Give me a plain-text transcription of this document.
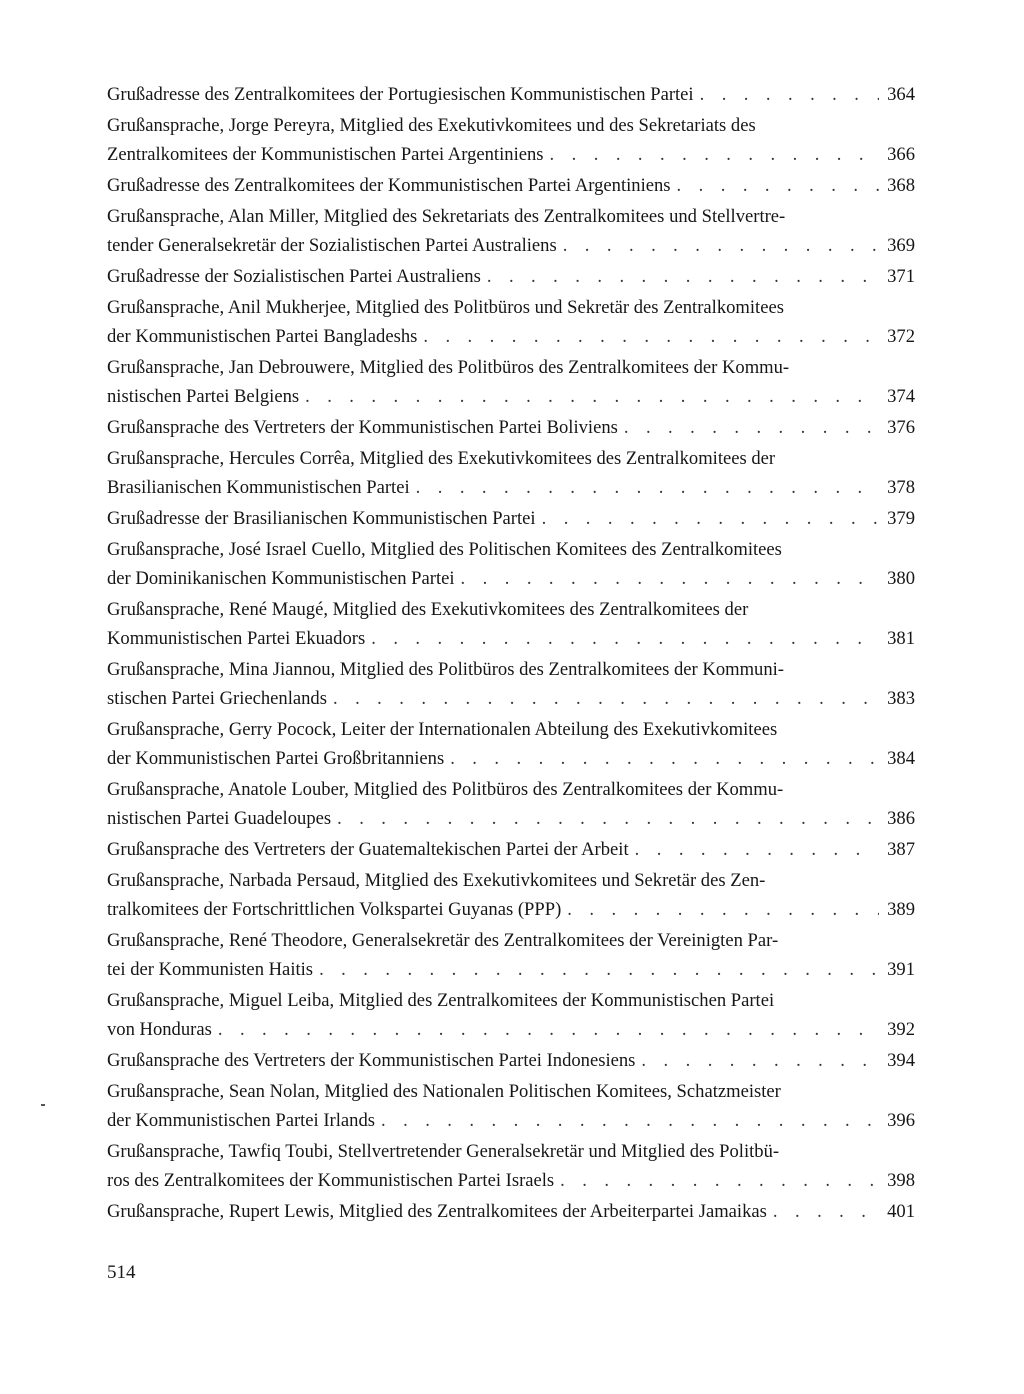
Grußadresse des Zentralkomitees der Portugiesischen Kommunistischen Partei . . .	364
Grußansprache, Jorge Pereyra, Mitglied des Exekutivkomitees und des Sekretariats des
Zentralkomitees der Kommunistischen Partei Argentiniens . . .	366
Grußadresse des Zentralkomitees der Kommunistischen Partei Argentiniens . . .	368
Grußansprache, Alan Miller, Mitglied des Sekretariats des Zentralkomitees und Stellvertre-
tender Generalsekretär der Sozialistischen Partei Australiens . . .	369
Grußadresse der Sozialistischen Partei Australiens . . .	371
Grußansprache, Anil Mukherjee, Mitglied des Politbüros und Sekretär des Zentralkomitees
der Kommunistischen Partei Bangladeshs . . .	372
Grußansprache, Jan Debrouwere, Mitglied des Politbüros des Zentralkomitees der Kommu-
nistischen Partei Belgiens . . .	374
Grußansprache des Vertreters der Kommunistischen Partei Boliviens . . .	376
Grußansprache, Hercules Corrêa, Mitglied des Exekutivkomitees des Zentralkomitees der
Brasilianischen Kommunistischen Partei . . .	378
Grußadresse der Brasilianischen Kommunistischen Partei . . .	379
Grußansprache, José Israel Cuello, Mitglied des Politischen Komitees des Zentralkomitees
der Dominikanischen Kommunistischen Partei . . .	380
Grußansprache, René Maugé, Mitglied des Exekutivkomitees des Zentralkomitees der
Kommunistischen Partei Ekuadors . . .	381
Grußansprache, Mina Jiannou, Mitglied des Politbüros des Zentralkomitees der Kommuni-
stischen Partei Griechenlands . . .	383
Grußansprache, Gerry Pocock, Leiter der Internationalen Abteilung des Exekutivkomitees
der Kommunistischen Partei Großbritanniens . . .	384
Grußansprache, Anatole Louber, Mitglied des Politbüros des Zentralkomitees der Kommu-
nistischen Partei Guadeloupes . . .	386
Grußansprache des Vertreters der Guatemaltekischen Partei der Arbeit . . .	387
Grußansprache, Narbada Persaud, Mitglied des Exekutivkomitees und Sekretär des Zen-
tralkomitees der Fortschrittlichen Volkspartei Guyanas (PPP) . . .	389
Grußansprache, René Theodore, Generalsekretär des Zentralkomitees der Vereinigten Par-
tei der Kommunisten Haitis . . .	391
Grußansprache, Miguel Leiba, Mitglied des Zentralkomitees der Kommunistischen Partei
von Honduras . . .	392
Grußansprache des Vertreters der Kommunistischen Partei Indonesiens . . .	394
Grußansprache, Sean Nolan, Mitglied des Nationalen Politischen Komitees, Schatzmeister
der Kommunistischen Partei Irlands . . .	396
Grußansprache, Tawfiq Toubi, Stellvertretender Generalsekretär und Mitglied des Politbü-
ros des Zentralkomitees der Kommunistischen Partei Israels . . .	398
Grußansprache, Rupert Lewis, Mitglied des Zentralkomitees der Arbeiterpartei Jamaikas . . .	401
514
